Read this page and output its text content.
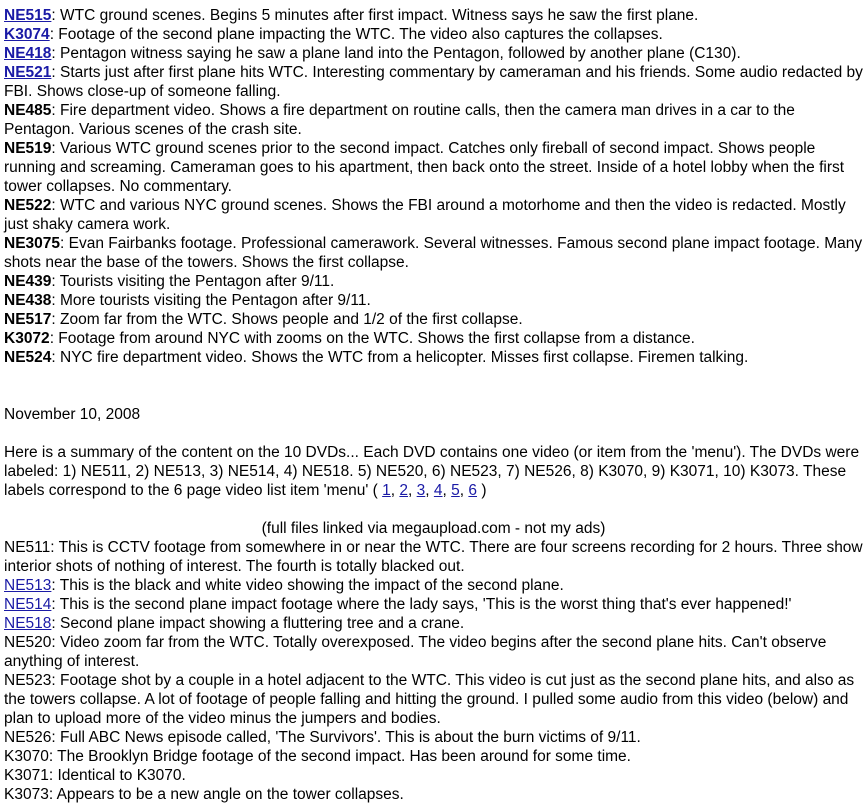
NE515: WTC ground scenes. Begins 5 minutes after first impact. Witness says he saw the first plane.

K3074: Footage of the second plane impacting the WTC. The video also captures the collapses.

NE418: Pentagon witness saying he saw a plane land into the Pentagon, followed by another plane (C130).

NE521: Starts just after first plane hits WTC. Interesting commentary by cameraman and his friends. Some audio redacted by FBI. Shows close-up of someone falling.

NE485: Fire department video. Shows a fire department on routine calls, then the camera man drives in a car to the Pentagon. Various scenes of the crash site.

NE519: Various WTC ground scenes prior to the second impact. Catches only fireball of second impact. Shows people running and screaming. Cameraman goes to his apartment, then back onto the street. Inside of a hotel lobby when the first tower collapses. No commentary.

NE522: WTC and various NYC ground scenes. Shows the FBI around a motorhome and then the video is redacted. Mostly just shaky camera work.

NE3075: Evan Fairbanks footage. Professional camerawork. Several witnesses. Famous second plane impact footage. Many shots near the base of the towers. Shows the first collapse.

NE439: Tourists visiting the Pentagon after 9/11.

NE438: More tourists visiting the Pentagon after 9/11.

NE517: Zoom far from the WTC. Shows people and 1/2 of the first collapse.

K3072: Footage from around NYC with zooms on the WTC. Shows the first collapse from a distance.

NE524: NYC fire department video. Shows the WTC from a helicopter. Misses first collapse. Firemen talking.

November 10, 2008

Here is a summary of the content on the 10 DVDs... Each DVD contains one video (or item from the 'menu'). The DVDs were labeled: 1) NE511, 2) NE513, 3) NE514, 4) NE518. 5) NE520, 6) NE523, 7) NE526, 8) K3070, 9) K3071, 10) K3073. These labels correspond to the 6 page video list item 'menu' ( 1, 2, 3, 4, 5, 6 )

(full files linked via megaupload.com - not my ads)

NE511: This is CCTV footage from somewhere in or near the WTC. There are four screens recording for 2 hours. Three show interior shots of nothing of interest. The fourth is totally blacked out.

NE513: This is the black and white video showing the impact of the second plane.

NE514: This is the second plane impact footage where the lady says, 'This is the worst thing that's ever happened!'

NE518: Second plane impact showing a fluttering tree and a crane.

NE520: Video zoom far from the WTC. Totally overexposed. The video begins after the second plane hits. Can't observe anything of interest.

NE523: Footage shot by a couple in a hotel adjacent to the WTC. This video is cut just as the second plane hits, and also as the towers collapse. A lot of footage of people falling and hitting the ground. I pulled some audio from this video (below) and plan to upload more of the video minus the jumpers and bodies.

NE526: Full ABC News episode called, 'The Survivors'. This is about the burn victims of 9/11.

K3070: The Brooklyn Bridge footage of the second impact. Has been around for some time.

K3071: Identical to K3070.

K3073: Appears to be a new angle on the tower collapses.
